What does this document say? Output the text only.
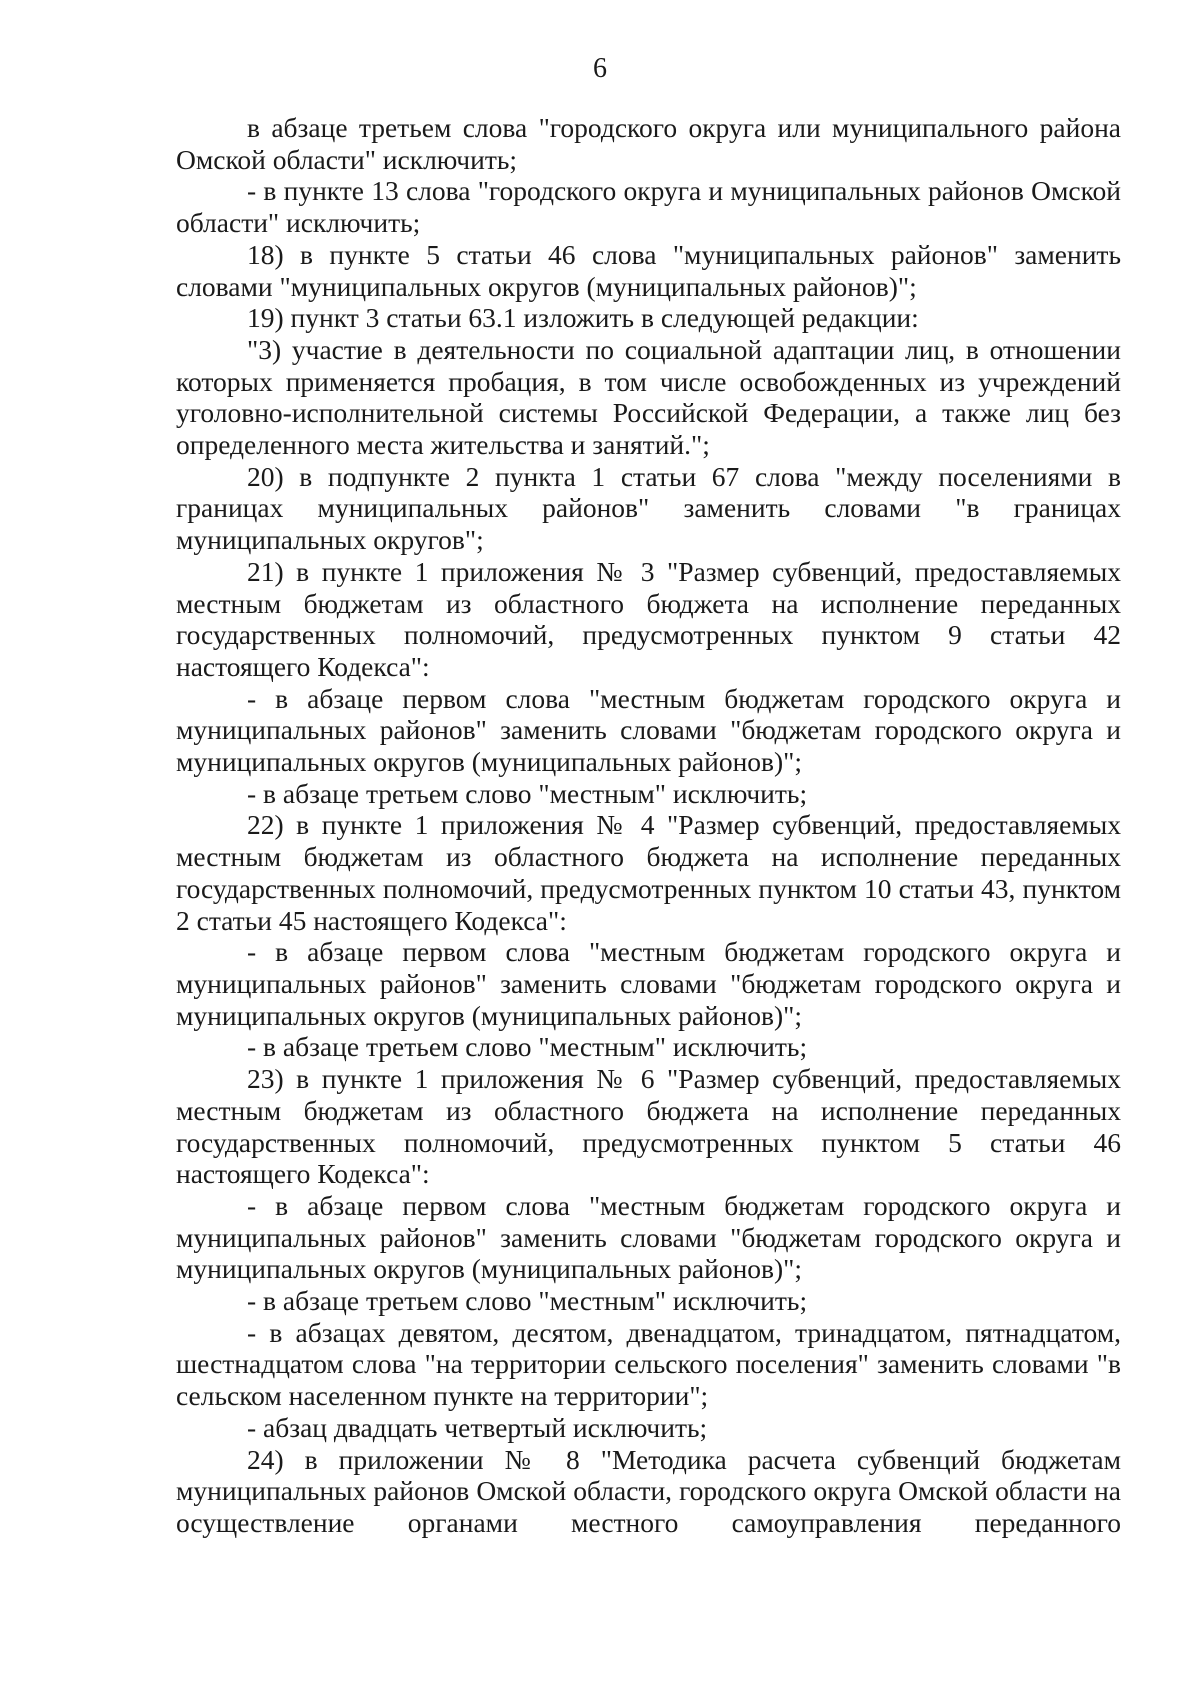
6

в абзаце третьем слова "городского округа или муниципального района Омской области" исключить;

- в пункте 13 слова "городского округа и муниципальных районов Омской области" исключить;

18) в пункте 5 статьи 46 слова "муниципальных районов" заменить словами "муниципальных округов (муниципальных районов)";

19) пункт 3 статьи 63.1 изложить в следующей редакции:

"3) участие в деятельности по социальной адаптации лиц, в отношении которых применяется пробация, в том числе освобожденных из учреждений уголовно-исполнительной системы Российской Федерации, а также лиц без определенного места жительства и занятий.";

20) в подпункте 2 пункта 1 статьи 67 слова "между поселениями в границах муниципальных районов" заменить словами "в границах муниципальных округов";

21) в пункте 1 приложения № 3 "Размер субвенций, предоставляемых местным бюджетам из областного бюджета на исполнение переданных государственных полномочий, предусмотренных пунктом 9 статьи 42 настоящего Кодекса":

- в абзаце первом слова "местным бюджетам городского округа и муниципальных районов" заменить словами "бюджетам городского округа и муниципальных округов (муниципальных районов)";

- в абзаце третьем слово "местным" исключить;

22) в пункте 1 приложения № 4 "Размер субвенций, предоставляемых местным бюджетам из областного бюджета на исполнение переданных государственных полномочий, предусмотренных пунктом 10 статьи 43, пунктом 2 статьи 45 настоящего Кодекса":

- в абзаце первом слова "местным бюджетам городского округа и муниципальных районов" заменить словами "бюджетам городского округа и муниципальных округов (муниципальных районов)";

- в абзаце третьем слово "местным" исключить;

23) в пункте 1 приложения № 6 "Размер субвенций, предоставляемых местным бюджетам из областного бюджета на исполнение переданных государственных полномочий, предусмотренных пунктом 5 статьи 46 настоящего Кодекса":

- в абзаце первом слова "местным бюджетам городского округа и муниципальных районов" заменить словами "бюджетам городского округа и муниципальных округов (муниципальных районов)";

- в абзаце третьем слово "местным" исключить;

- в абзацах девятом, десятом, двенадцатом, тринадцатом, пятнадцатом, шестнадцатом слова "на территории сельского поселения" заменить словами "в сельском населенном пункте на территории";

- абзац двадцать четвертый исключить;

24) в приложении № 8 "Методика расчета субвенций бюджетам муниципальных районов Омской области, городского округа Омской области на осуществление органами местного самоуправления переданного
